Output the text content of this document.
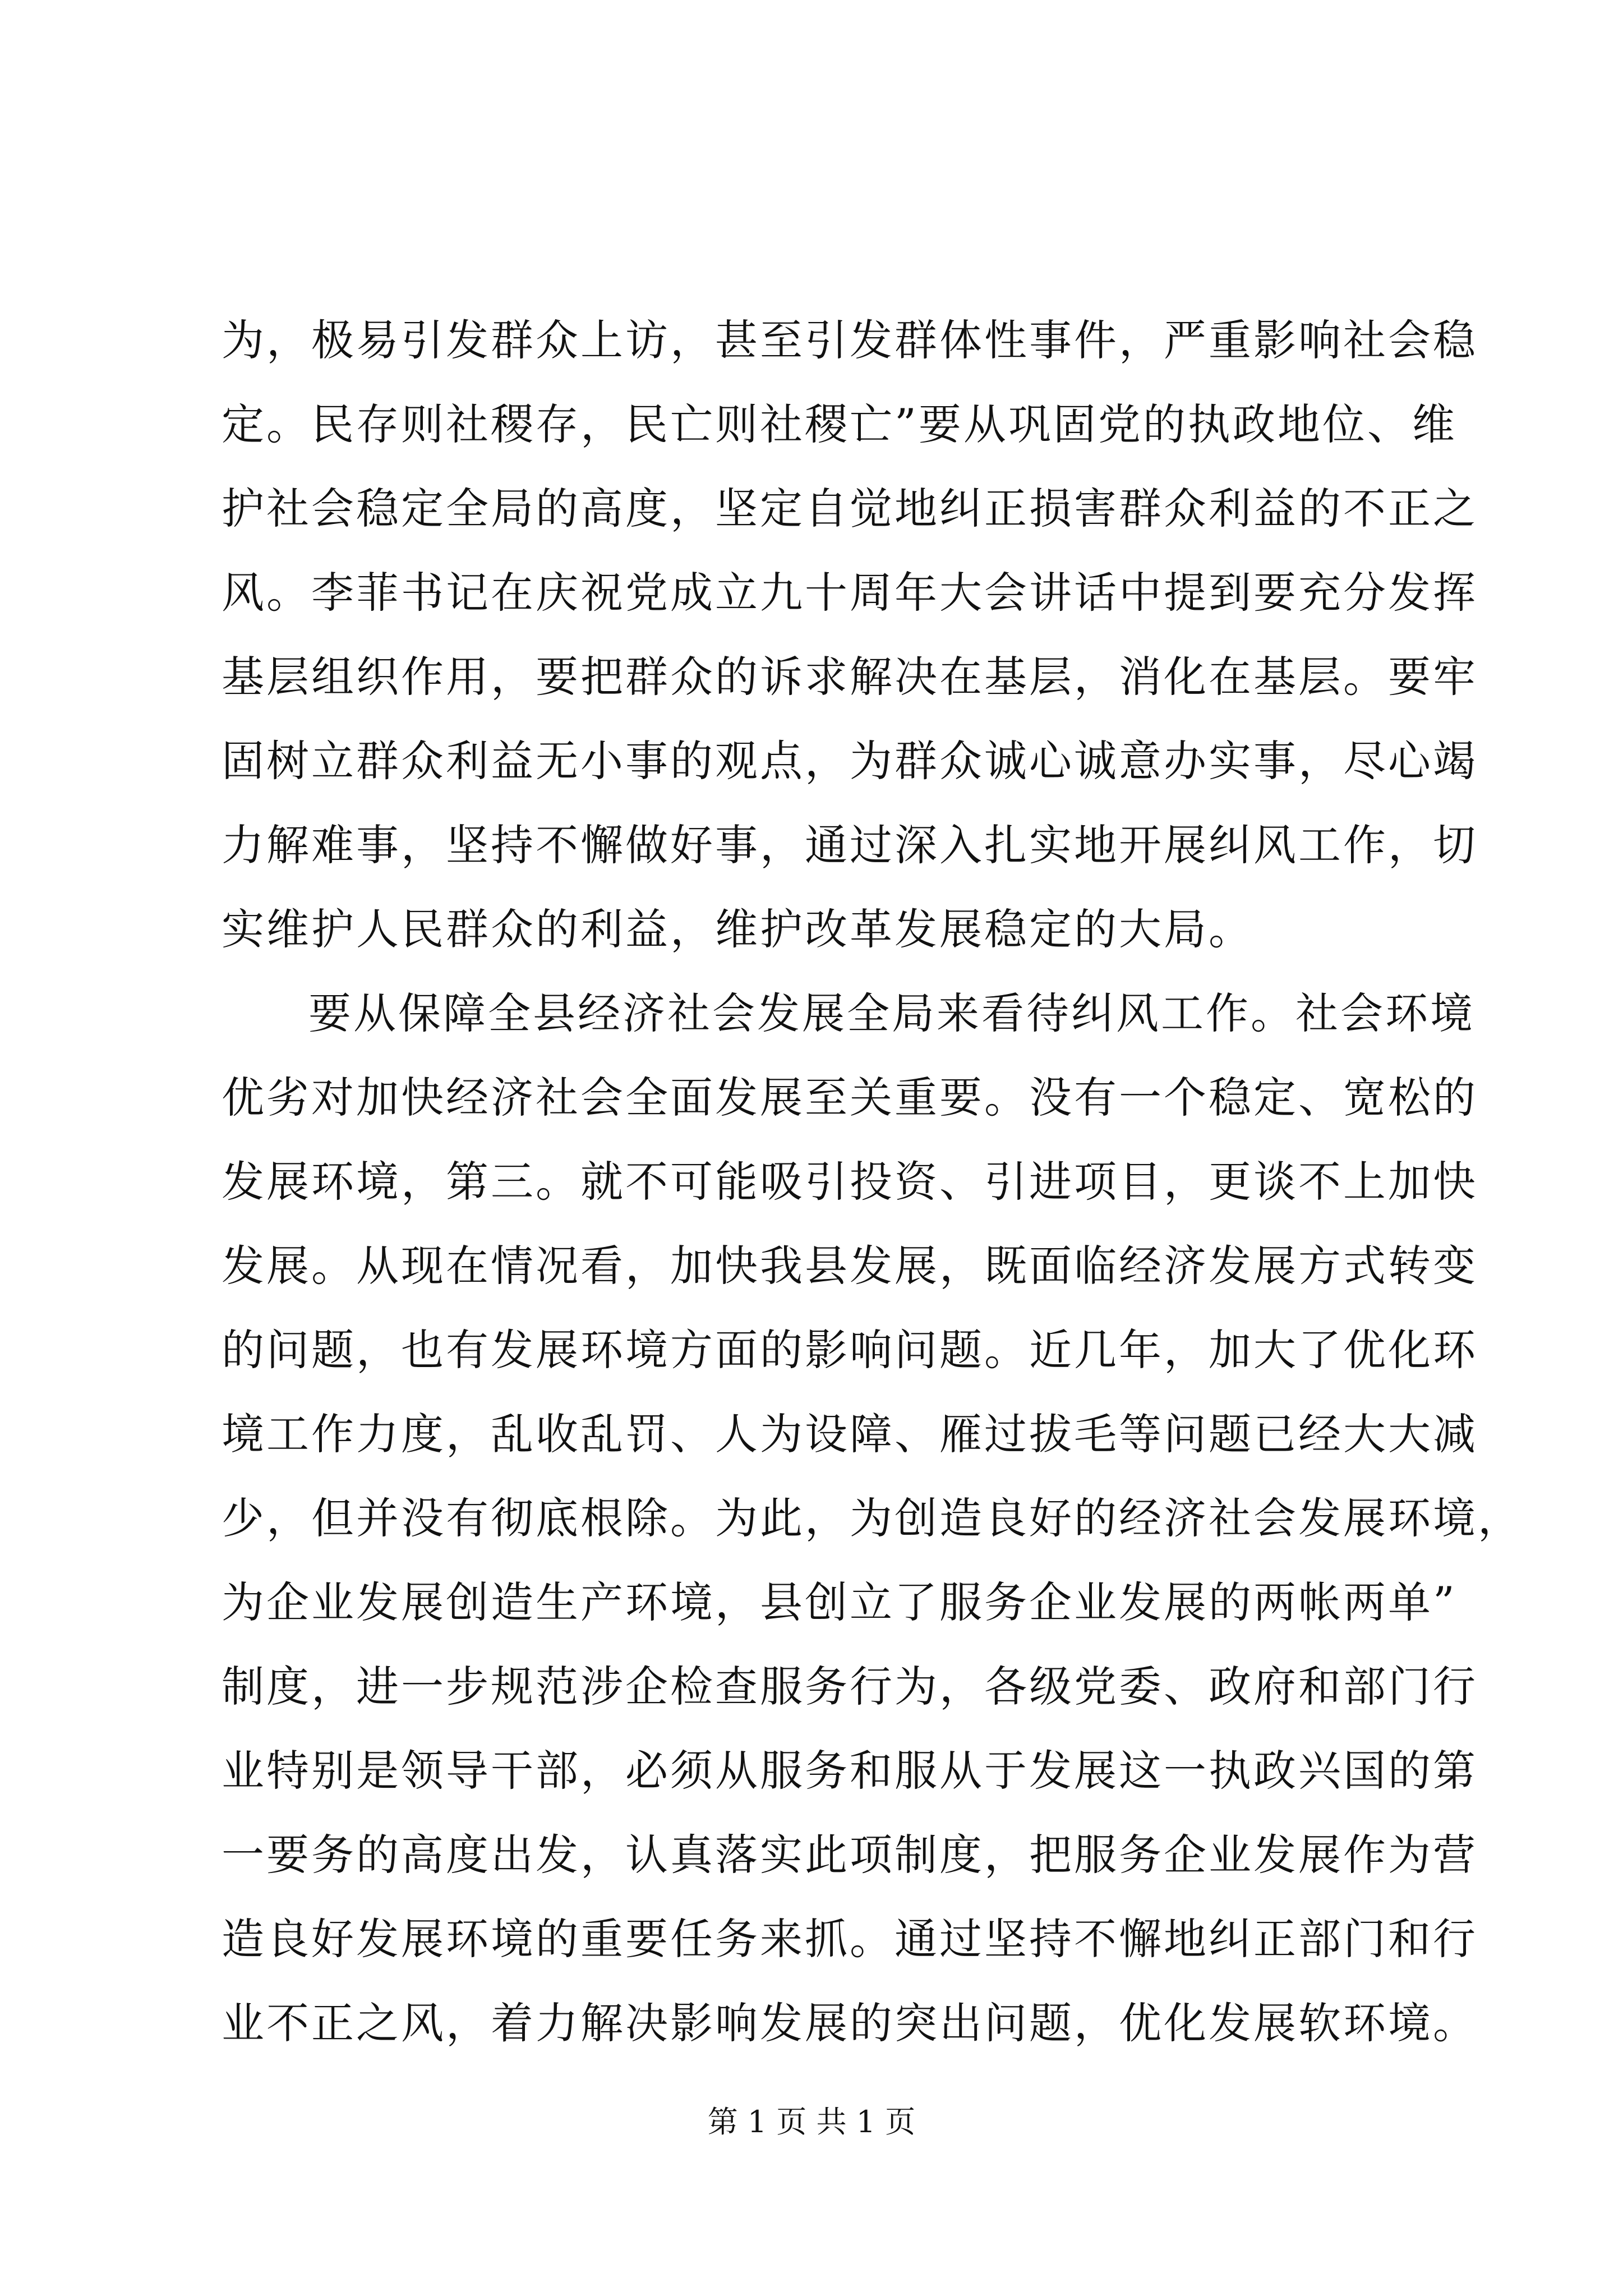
为，极易引发群众上访，甚至引发群体性事件，严重影响社会稳
定。民存则社稷存，民亡则社稷亡”要从巩固党的执政地位、维
护社会稳定全局的高度，坚定自觉地纠正损害群众利益的不正之
风。李菲书记在庆祝党成立九十周年大会讲话中提到要充分发挥
基层组织作用，要把群众的诉求解决在基层，消化在基层。要牢
固树立群众利益无小事的观点，为群众诚心诚意办实事，尽心竭
力解难事，坚持不懈做好事，通过深入扎实地开展纠风工作，切
实维护人民群众的利益，维护改革发展稳定的大局。
要从保障全县经济社会发展全局来看待纠风工作。社会环境
优劣对加快经济社会全面发展至关重要。没有一个稳定、宽松的
发展环境，第三。就不可能吸引投资、引进项目，更谈不上加快
发展。从现在情况看，加快我县发展，既面临经济发展方式转变
的问题，也有发展环境方面的影响问题。近几年，加大了优化环
境工作力度，乱收乱罚、人为设障、雁过拔毛等问题已经大大减
少，但并没有彻底根除。为此，为创造良好的经济社会发展环境，
为企业发展创造生产环境，县创立了服务企业发展的两帐两单”
制度，进一步规范涉企检查服务行为，各级党委、政府和部门行
业特别是领导干部，必须从服务和服从于发展这一执政兴国的第
一要务的高度出发，认真落实此项制度，把服务企业发展作为营
造良好发展环境的重要任务来抓。通过坚持不懈地纠正部门和行
业不正之风，着力解决影响发展的突出问题，优化发展软环境。
第 1 页 共 1 页
